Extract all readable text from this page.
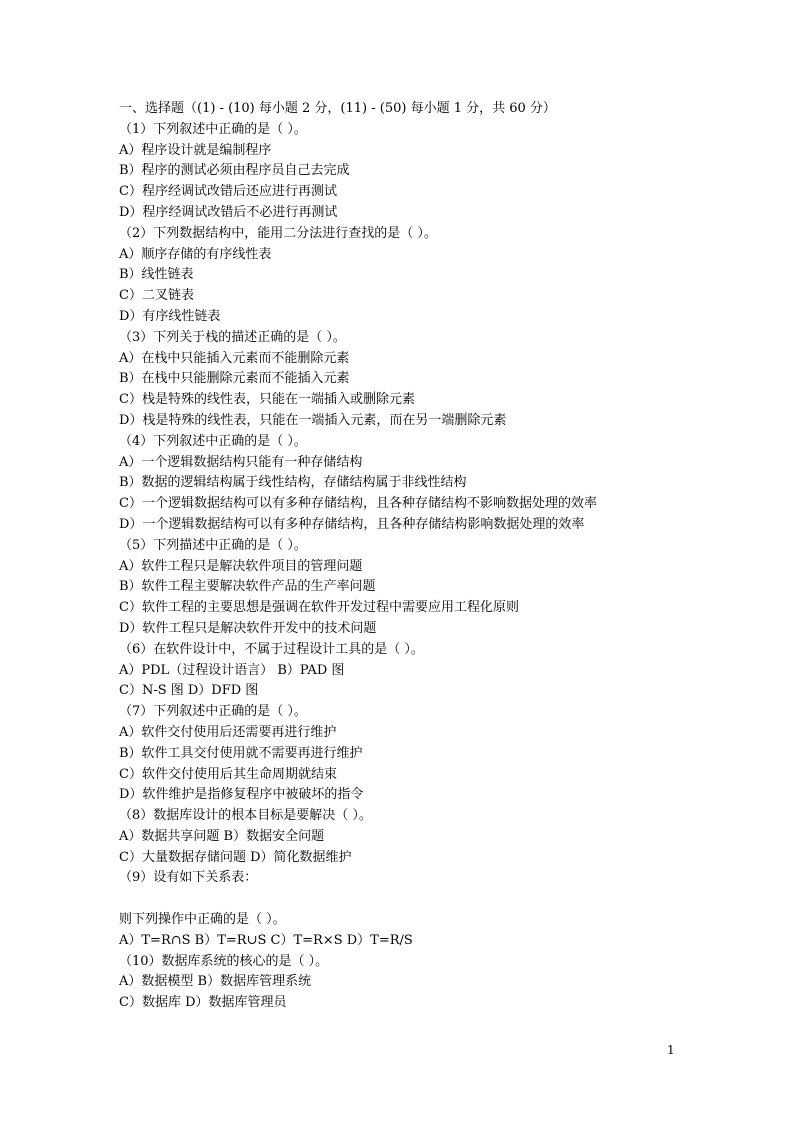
一、选择题（(1) - (10) 每小题 2 分，(11) - (50) 每小题 1 分，共 60 分）
（1）下列叙述中正确的是（ ）。
A）程序设计就是编制程序
B）程序的测试必须由程序员自己去完成
C）程序经调试改错后还应进行再测试
D）程序经调试改错后不必进行再测试
（2）下列数据结构中，能用二分法进行查找的是（ ）。
A）顺序存储的有序线性表
B）线性链表
C）二叉链表
D）有序线性链表
（3）下列关于栈的描述正确的是（ ）。
A）在栈中只能插入元素而不能删除元素
B）在栈中只能删除元素而不能插入元素
C）栈是特殊的线性表，只能在一端插入或删除元素
D）栈是特殊的线性表，只能在一端插入元素，而在另一端删除元素
（4）下列叙述中正确的是（ ）。
A）一个逻辑数据结构只能有一种存储结构
B）数据的逻辑结构属于线性结构，存储结构属于非线性结构
C）一个逻辑数据结构可以有多种存储结构，且各种存储结构不影响数据处理的效率
D）一个逻辑数据结构可以有多种存储结构，且各种存储结构影响数据处理的效率
（5）下列描述中正确的是（ ）。
A）软件工程只是解决软件项目的管理问题
B）软件工程主要解决软件产品的生产率问题
C）软件工程的主要思想是强调在软件开发过程中需要应用工程化原则
D）软件工程只是解决软件开发中的技术问题
（6）在软件设计中，不属于过程设计工具的是（ ）。
A）PDL（过程设计语言） B）PAD 图
C）N-S 图 D）DFD 图
（7）下列叙述中正确的是（ ）。
A）软件交付使用后还需要再进行维护
B）软件工具交付使用就不需要再进行维护
C）软件交付使用后其生命周期就结束
D）软件维护是指修复程序中被破坏的指令
（8）数据库设计的根本目标是要解决（ ）。
A）数据共享问题 B）数据安全问题
C）大量数据存储问题 D）简化数据维护
（9）设有如下关系表：
则下列操作中正确的是（ ）。
A）T=R∩S B）T=R∪S C）T=R×S D）T=R/S
（10）数据库系统的核心的是（ ）。
A）数据模型 B）数据库管理系统
C）数据库 D）数据库管理员
1
